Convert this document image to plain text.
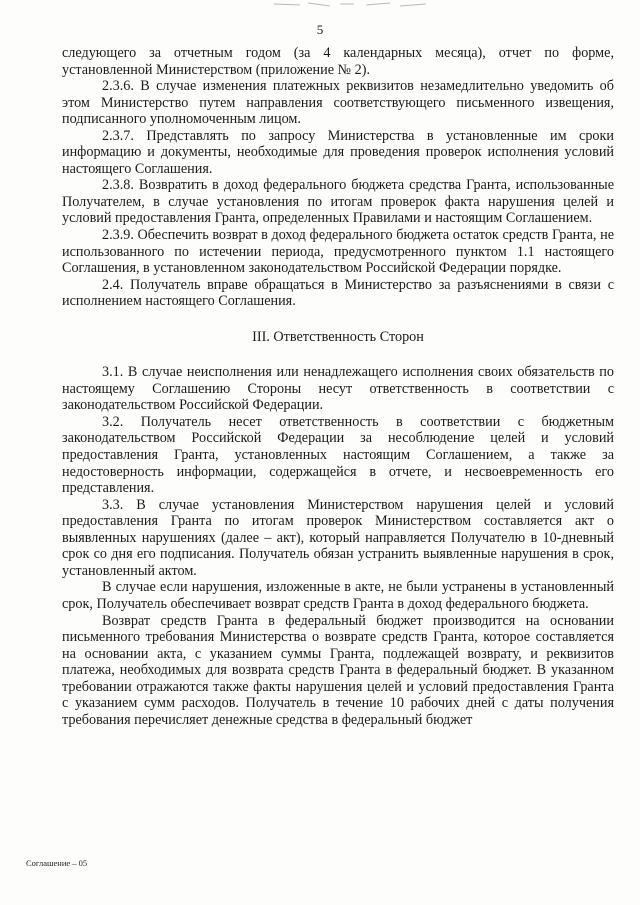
5

следующего за отчетным годом (за 4 календарных месяца), отчет по форме, установленной Министерством (приложение № 2).

2.3.6. В случае изменения платежных реквизитов незамедлительно уведомить об этом Министерство путем направления соответствующего письменного извещения, подписанного уполномоченным лицом.

2.3.7. Представлять по запросу Министерства в установленные им сроки информацию и документы, необходимые для проведения проверок исполнения условий настоящего Соглашения.

2.3.8. Возвратить в доход федерального бюджета средства Гранта, использованные Получателем, в случае установления по итогам проверок факта нарушения целей и условий предоставления Гранта, определенных Правилами и настоящим Соглашением.

2.3.9. Обеспечить возврат в доход федерального бюджета остаток средств Гранта, не использованного по истечении периода, предусмотренного пунктом 1.1 настоящего Соглашения, в установленном законодательством Российской Федерации порядке.

2.4. Получатель вправе обращаться в Министерство за разъяснениями в связи с исполнением настоящего Соглашения.

III. Ответственность Сторон

3.1. В случае неисполнения или ненадлежащего исполнения своих обязательств по настоящему Соглашению Стороны несут ответственность в соответствии с законодательством Российской Федерации.

3.2. Получатель несет ответственность в соответствии с бюджетным законодательством Российской Федерации за несоблюдение целей и условий предоставления Гранта, установленных настоящим Соглашением, а также за недостоверность информации, содержащейся в отчете, и несвоевременность его представления.

3.3. В случае установления Министерством нарушения целей и условий предоставления Гранта по итогам проверок Министерством составляется акт о выявленных нарушениях (далее – акт), который направляется Получателю в 10-дневный срок со дня его подписания. Получатель обязан устранить выявленные нарушения в срок, установленный актом.

В случае если нарушения, изложенные в акте, не были устранены в установленный срок, Получатель обеспечивает возврат средств Гранта в доход федерального бюджета.

Возврат средств Гранта в федеральный бюджет производится на основании письменного требования Министерства о возврате средств Гранта, которое составляется на основании акта, с указанием суммы Гранта, подлежащей возврату, и реквизитов платежа, необходимых для возврата средств Гранта в федеральный бюджет. В указанном требовании отражаются также факты нарушения целей и условий предоставления Гранта с указанием сумм расходов. Получатель в течение 10 рабочих дней с даты получения требования перечисляет денежные средства в федеральный бюджет

Соглашение – 05
